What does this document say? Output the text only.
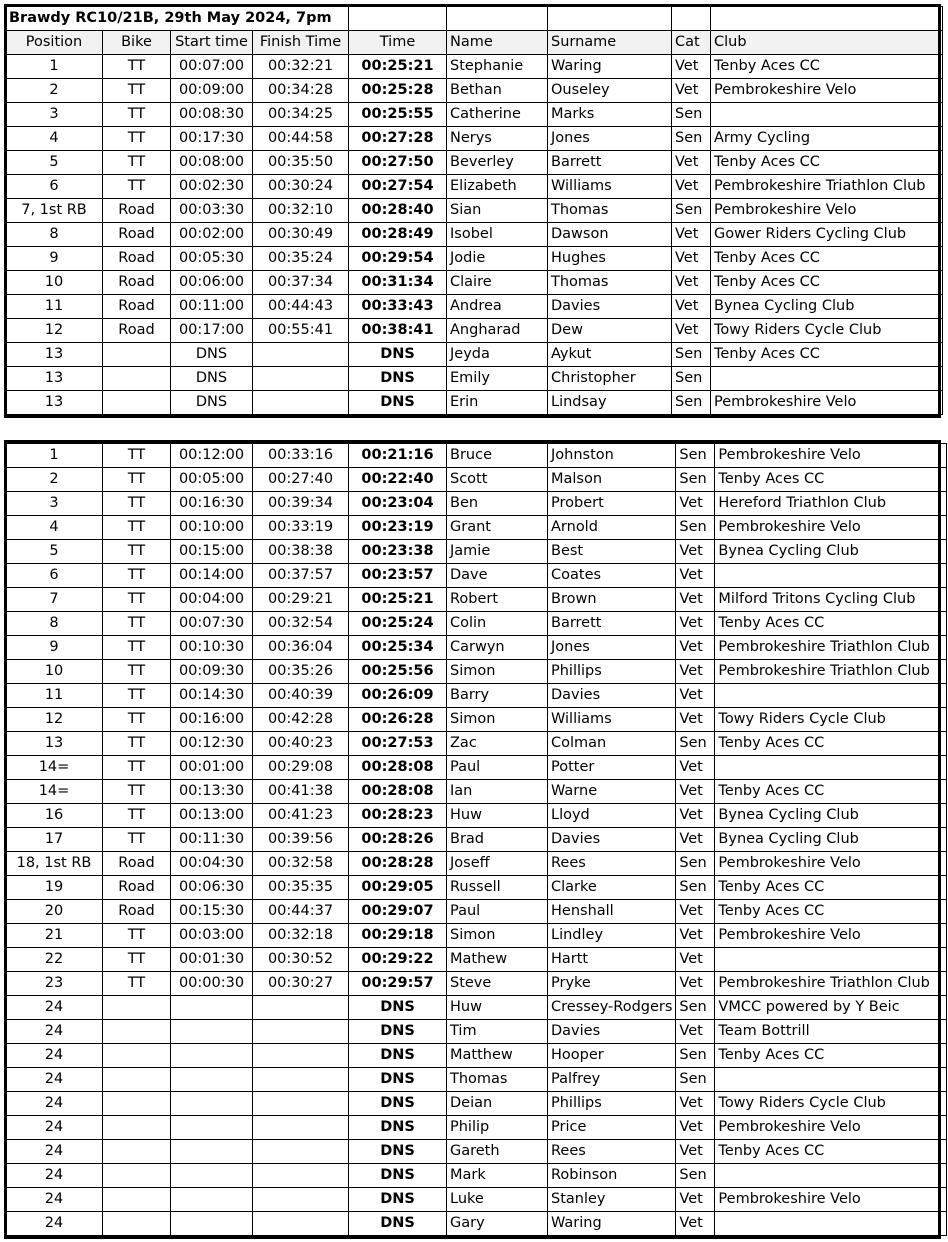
Brawdy RC10/21B, 29th May 2024, 7pm								
Position	Bike	Start time	Finish Time	Time	Name	Surname	Cat	Club
1	TT	00:07:00	00:32:21	00:25:21	Stephanie	Waring	Vet	Tenby Aces CC
2	TT	00:09:00	00:34:28	00:25:28	Bethan	Ouseley	Vet	Pembrokeshire Velo
3	TT	00:08:30	00:34:25	00:25:55	Catherine	Marks	Sen	
4	TT	00:17:30	00:44:58	00:27:28	Nerys	Jones	Sen	Army Cycling
5	TT	00:08:00	00:35:50	00:27:50	Beverley	Barrett	Vet	Tenby Aces CC
6	TT	00:02:30	00:30:24	00:27:54	Elizabeth	Williams	Vet	Pembrokeshire Triathlon Club
7, 1st RB	Road	00:03:30	00:32:10	00:28:40	Sian	Thomas	Sen	Pembrokeshire Velo
8	Road	00:02:00	00:30:49	00:28:49	Isobel	Dawson	Vet	Gower Riders Cycling Club
9	Road	00:05:30	00:35:24	00:29:54	Jodie	Hughes	Vet	Tenby Aces CC
10	Road	00:06:00	00:37:34	00:31:34	Claire	Thomas	Vet	Tenby Aces CC
11	Road	00:11:00	00:44:43	00:33:43	Andrea	Davies	Vet	Bynea Cycling Club
12	Road	00:17:00	00:55:41	00:38:41	Angharad	Dew	Vet	Towy Riders Cycle Club
13		DNS		DNS	Jeyda	Aykut	Sen	Tenby Aces CC
13		DNS		DNS	Emily	Christopher	Sen	
13		DNS		DNS	Erin	Lindsay	Sen	Pembrokeshire Velo
1	TT	00:12:00	00:33:16	00:21:16	Bruce	Johnston	Sen	Pembrokeshire Velo
2	TT	00:05:00	00:27:40	00:22:40	Scott	Malson	Sen	Tenby Aces CC
3	TT	00:16:30	00:39:34	00:23:04	Ben	Probert	Vet	Hereford Triathlon Club
4	TT	00:10:00	00:33:19	00:23:19	Grant	Arnold	Sen	Pembrokeshire Velo
5	TT	00:15:00	00:38:38	00:23:38	Jamie	Best	Vet	Bynea Cycling Club
6	TT	00:14:00	00:37:57	00:23:57	Dave	Coates	Vet	
7	TT	00:04:00	00:29:21	00:25:21	Robert	Brown	Vet	Milford Tritons Cycling Club
8	TT	00:07:30	00:32:54	00:25:24	Colin	Barrett	Vet	Tenby Aces CC
9	TT	00:10:30	00:36:04	00:25:34	Carwyn	Jones	Vet	Pembrokeshire Triathlon Club
10	TT	00:09:30	00:35:26	00:25:56	Simon	Phillips	Vet	Pembrokeshire Triathlon Club
11	TT	00:14:30	00:40:39	00:26:09	Barry	Davies	Vet	
12	TT	00:16:00	00:42:28	00:26:28	Simon	Williams	Vet	Towy Riders Cycle Club
13	TT	00:12:30	00:40:23	00:27:53	Zac	Colman	Sen	Tenby Aces CC
14=	TT	00:01:00	00:29:08	00:28:08	Paul	Potter	Vet	
14=	TT	00:13:30	00:41:38	00:28:08	Ian	Warne	Vet	Tenby Aces CC
16	TT	00:13:00	00:41:23	00:28:23	Huw	Lloyd	Vet	Bynea Cycling Club
17	TT	00:11:30	00:39:56	00:28:26	Brad	Davies	Vet	Bynea Cycling Club
18, 1st RB	Road	00:04:30	00:32:58	00:28:28	Joseff	Rees	Sen	Pembrokeshire Velo
19	Road	00:06:30	00:35:35	00:29:05	Russell	Clarke	Sen	Tenby Aces CC
20	Road	00:15:30	00:44:37	00:29:07	Paul	Henshall	Vet	Tenby Aces CC
21	TT	00:03:00	00:32:18	00:29:18	Simon	Lindley	Vet	Pembrokeshire Velo
22	TT	00:01:30	00:30:52	00:29:22	Mathew	Hartt	Vet	
23	TT	00:00:30	00:30:27	00:29:57	Steve	Pryke	Vet	Pembrokeshire Triathlon Club
24				DNS	Huw	Cressey-Rodgers	Sen	VMCC powered by Y Beic
24				DNS	Tim	Davies	Vet	Team Bottrill
24				DNS	Matthew	Hooper	Sen	Tenby Aces CC
24				DNS	Thomas	Palfrey	Sen	
24				DNS	Deian	Phillips	Vet	Towy Riders Cycle Club
24				DNS	Philip	Price	Vet	Pembrokeshire Velo
24				DNS	Gareth	Rees	Vet	Tenby Aces CC
24				DNS	Mark	Robinson	Sen	
24				DNS	Luke	Stanley	Vet	Pembrokeshire Velo
24				DNS	Gary	Waring	Vet	
